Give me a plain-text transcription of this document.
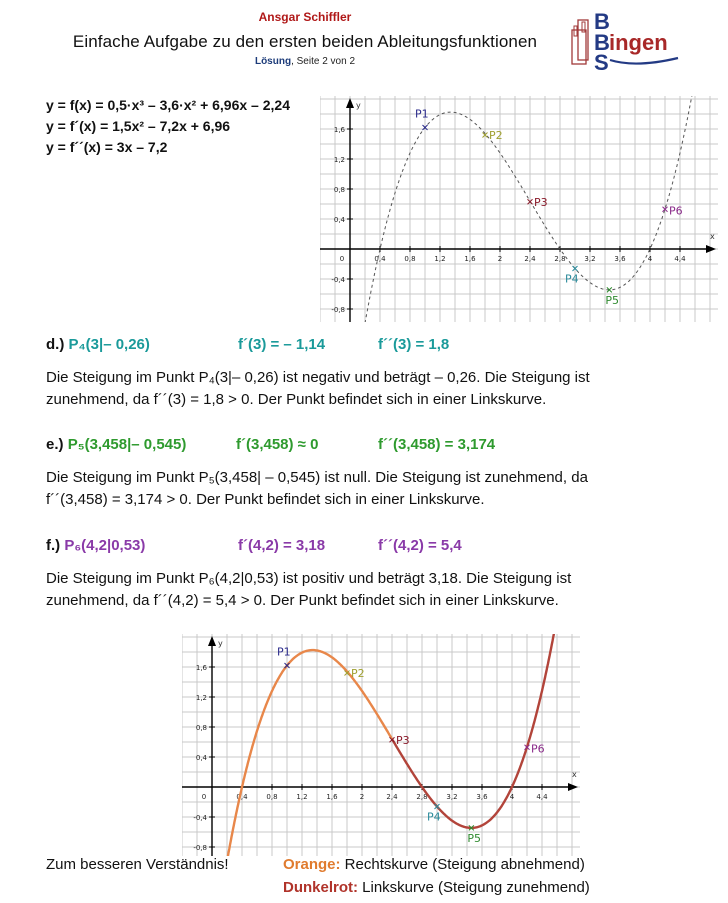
Ansgar Schiffler
Einfache Aufgabe zu den ersten beiden Ableitungsfunktionen
Lösung, Seite 2 von 2
B
B ingen
S
y = f(x) = 0,5·x³ – 3,6·x² + 6,96x – 2,24
y = f´(x) = 1,5x² – 7,2x + 6,96
y = f´´(x) = 3x – 7,2
x
y
0	0,4	0,8	1,2	1,6	2	2,4	2,8	3,2	3,6	4	4,4
1,6
1,2
0,8
0,4
-0,4
-0,8
P1
P2
P3
P4
P5
P6
d.) P₄(3|– 0,26)	f´(3) = – 1,14	f´´(3) = 1,8
Die Steigung im Punkt P₄(3|– 0,26) ist negativ und beträgt – 0,26. Die Steigung ist
zunehmend, da f´´(3) = 1,8 > 0. Der Punkt befindet sich in einer Linkskurve.
e.) P₅(3,458|– 0,545)	f´(3,458) ≈ 0	f´´(3,458) = 3,174
Die Steigung im Punkt P₅(3,458| – 0,545) ist null. Die Steigung ist zunehmend, da
f´´(3,458) = 3,174 > 0. Der Punkt befindet sich in einer Linkskurve.
f.) P₆(4,2|0,53)	f´(4,2) = 3,18	f´´(4,2) = 5,4
Die Steigung im Punkt P₆(4,2|0,53) ist positiv und beträgt 3,18. Die Steigung ist
zunehmend, da f´´(4,2) = 5,4 > 0. Der Punkt befindet sich in einer Linkskurve.
x
y
0	0,4	0,8	1,2	1,6	2	2,4	2,8	3,2	3,6	4	4,4
1,6
1,2
0,8
0,4
-0,4
-0,8
P1
P2
P3
P4
P5
P6
Zum besseren Verständnis!	Orange: Rechtskurve (Steigung abnehmend)
Dunkelrot: Linkskurve (Steigung zunehmend)
